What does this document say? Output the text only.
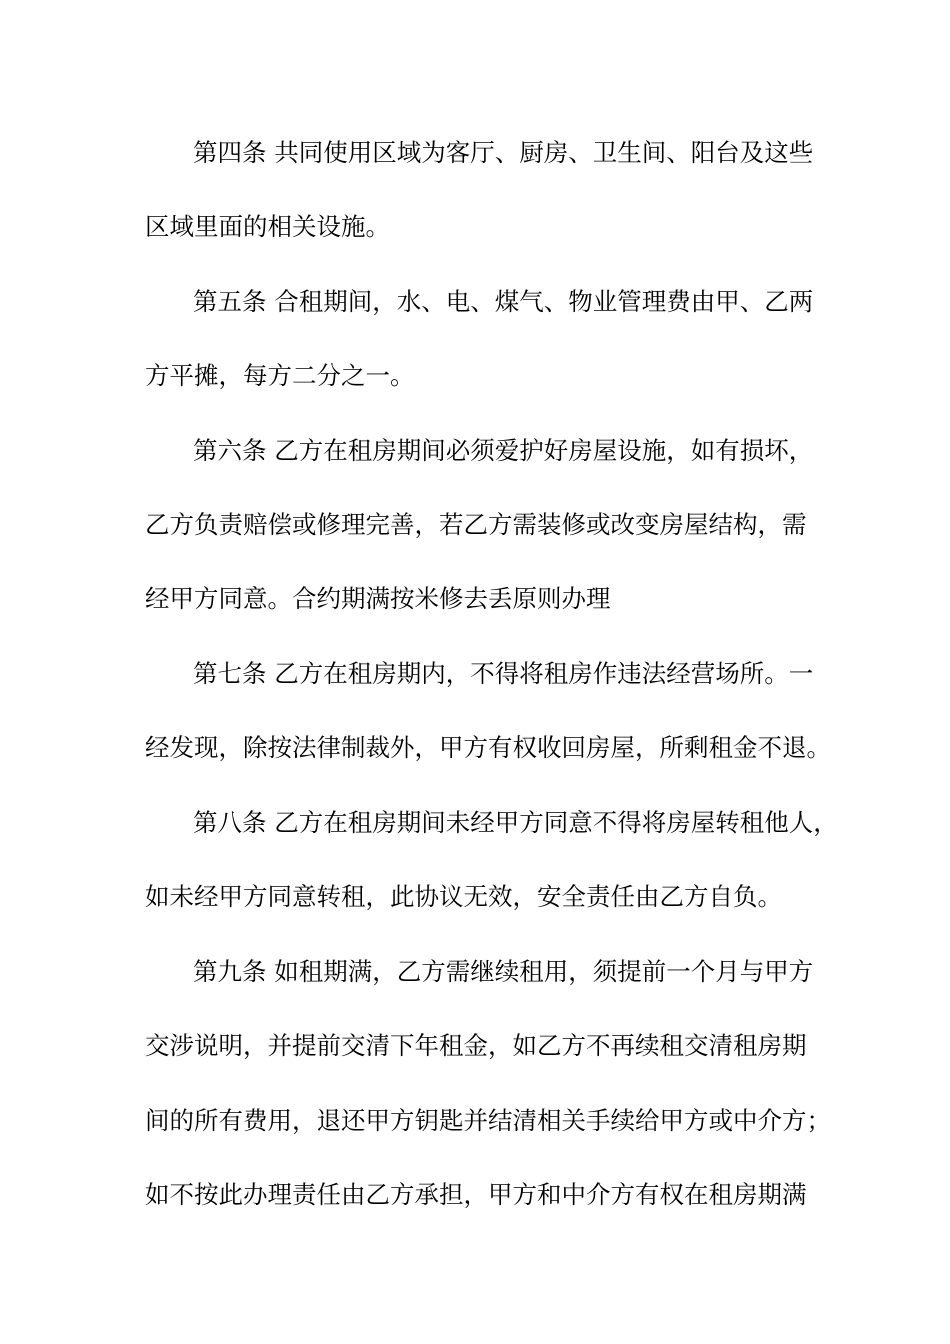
第四条 共同使用区域为客厅、厨房、卫生间、阳台及这些
区域里面的相关设施。
第五条 合租期间，水、电、煤气、物业管理费由甲、乙两
方平摊，每方二分之一。
第六条 乙方在租房期间必须爱护好房屋设施，如有损坏，
乙方负责赔偿或修理完善，若乙方需装修或改变房屋结构，需
经甲方同意。合约期满按米修去丢原则办理
第七条 乙方在租房期内，不得将租房作违法经营场所。一
经发现，除按法律制裁外，甲方有权收回房屋，所剩租金不退。
第八条 乙方在租房期间未经甲方同意不得将房屋转租他人，
如未经甲方同意转租，此协议无效，安全责任由乙方自负。
第九条 如租期满，乙方需继续租用，须提前一个月与甲方
交涉说明，并提前交清下年租金，如乙方不再续租交清租房期
间的所有费用，退还甲方钥匙并结清相关手续给甲方或中介方；
如不按此办理责任由乙方承担，甲方和中介方有权在租房期满
